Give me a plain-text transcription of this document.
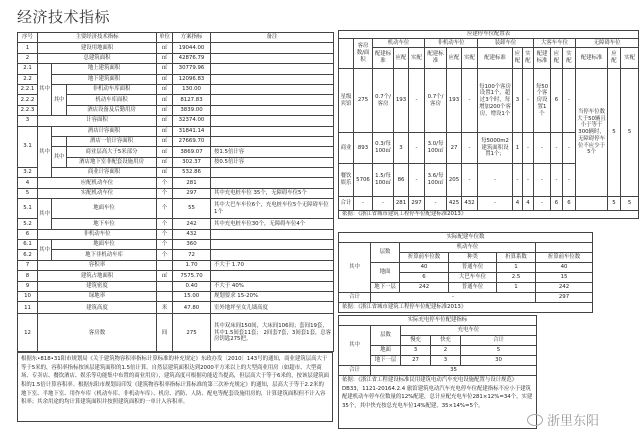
经济技术指标
序号	主要经济技术指标			单位	方案指标	备注
1	建设用地面积			㎡	19044.00	
2	总建筑面积			㎡	42876.79	
2.1	其中	地上建筑面积		㎡	30779.96	
2.2		地下建筑面积		㎡	12096.83	
2.2.1		其中	非机动车库面积	㎡	130.00	
2.2.2			机动车库面积	㎡	8127.83	
2.2.3			酒店设备及后勤用房	㎡	3839.00	
3	计容面积			㎡	32374.00	
3.1	其中	酒店计容面积		㎡	31841.14	
			酒店一倍计容面积	㎡	27669.70	
		其中	商业层高大于5米部分	㎡	3869.07	按1.5倍计容
			酒店地下室非配套设施用房	㎡	302.37	按0.5倍计容
3.2		商业计容面积		㎡	532.86	
4	应配机动车位			个	281	
5	实配机动车位			个	297	其中充电桩车位 35个，无障碍车位5个
5.1	其中	地面车位		个	55	其中大巴车车位6个，充电桩车位5个无障碍车位1个
5.2		地下车位		个	242	其中充电桩车位30个，无障碍车位4个
6	非机动车位			个	432	
6.1	其中	地面车位		个	360	
6.2		地下非机动车库		个	72	
7	容积率				1.70	不大于 1.70
8	建筑占地面积			㎡	7575.70	
9	建筑密度				0.40	不大于 40%
10	绿地率				15.00	规划要求 15-20%
11	建筑高度			米	47.80	室外地坪至女儿墙高度
12	客房数			间	275	其中双床间150间，大床间106间；套间19套，其中1.5间套11套； 2间套7套，3间套1套，总客房钥匙275把。
根据东•818•31阳市规划局《关于建筑物容积率指标计算标准的补充规定》东政办发〔2010〕143号的通知，商业建筑层高大于等于5米的，容积率指标按该层建筑面积的1.5倍计算。自然层建筑面积达到2000平方米以上的大型商业用房（如超市、大型商场、专卖店、餐饮酒店、娱乐等功能集中布置的商业用房），建筑高度可根据功能适当提高，但层高大于等于6米的，按该层建筑面积的1.5倍计算容积率。根据东阳市规划局印发《建筑物容积率指标计算标准的第三次补充规定》的通知，层高大于等于2.2米的地下室、半地下室、用作车库（机动车库、非机动车库）、机房、消防、人防、配电等配套设施用房的，计算建筑面积但不计入容积率；其余用途的均计算建筑面积并按照建筑面积的一单计入容积率。
应建停车位配置表																
	客房数/面积	机动车位			非机动车位			装卸车位			大客车车位			无障碍车位		
		配建标准	应配	实配	配建标准	应配	实配	配建标准	应配	实配	配建标准	应配	实配	配建标准	应配	实配
星级宾馆	275	0.7个/客房	193	-	0.7个/客房	193	-	每100个客房设置1个，超过3个时，每增加200个客房，增设1个	3	-	每50个客房设置1个	6	-	当停车位数大于50辆且小于等于300辆时，无障碍停车位不应少于5个	5	5
商业	893	0.3/每100㎡	3	-	3.0/每100㎡	27	-	每5000m2建筑面积设置1个；	1	-	-	-	-			
餐饮娱乐	5706	1.5/每100㎡	86	-	3.6/每100㎡	205	-	-	-	-	-	-	-			
合计	-	-	281	297	-	425	432	-	4	4	-	6	6		5	5
依据：《浙江省城市建筑工程停车位配建标准2013》																
实际配建车位数					
其中	层数	机动车位			
		折算前车位数	种类	折算系数	折算前车位数
	地面	40	普通车位	1	40
		6	大巴车车位	2.5	15
	地下一层	242	普通车位	1	242
合计	-				297
依据：《浙江省城市建筑工程停车位配建标准2013》					
实际充电停车位配建指标				
其中	层数	充电车位		
		慢充	快充	合计
	地面	3	2	5
	地下一层	27	3	30
合计	35			
依据：《浙江省工程建设标准民用建筑电动汽车充电设施配置与设计规范》DB33，1121-20164.2.4 旅馆建筑电动汽车充电停车位配建指标不应小于建筑配建机动车停车位数量的12%配建，总计应配充电车位281×12%=34个，实建35个，其中快充按总充电车位14%配建，35×14%=5个。				
浙里东阳
